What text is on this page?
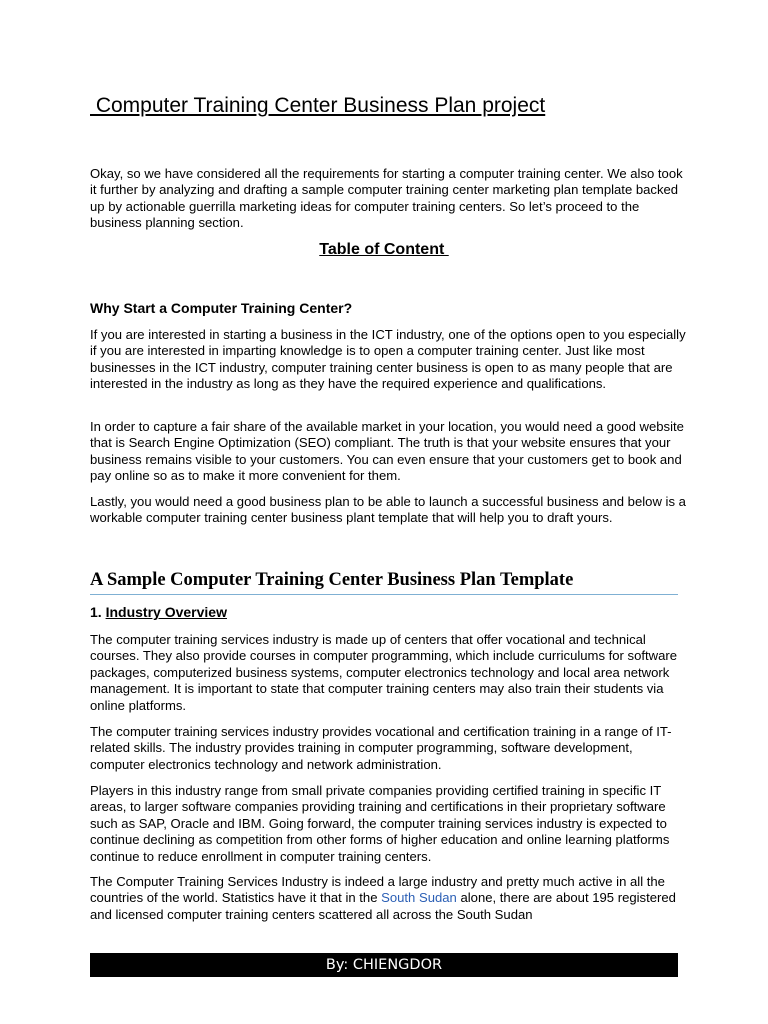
Computer Training Center Business Plan project

Okay, so we have considered all the requirements for starting a computer training center. We also took it further by analyzing and drafting a sample computer training center marketing plan template backed up by actionable guerrilla marketing ideas for computer training centers. So let’s proceed to the business planning section.

Table of Content
Why Start a Computer Training Center?

If you are interested in starting a business in the ICT industry, one of the options open to you especially if you are interested in imparting knowledge is to open a computer training center. Just like most businesses in the ICT industry, computer training center business is open to as many people that are interested in the industry as long as they have the required experience and qualifications.

In order to capture a fair share of the available market in your location, you would need a good website that is Search Engine Optimization (SEO) compliant. The truth is that your website ensures that your business remains visible to your customers. You can even ensure that your customers get to book and pay online so as to make it more convenient for them.

Lastly, you would need a good business plan to be able to launch a successful business and below is a workable computer training center business plant template that will help you to draft yours.

A Sample Computer Training Center Business Plan Template
1. Industry Overview

The computer training services industry is made up of centers that offer vocational and technical courses. They also provide courses in computer programming, which include curriculums for software packages, computerized business systems, computer electronics technology and local area network management. It is important to state that computer training centers may also train their students via online platforms.

The computer training services industry provides vocational and certification training in a range of IT-related skills. The industry provides training in computer programming, software development, computer electronics technology and network administration.

Players in this industry range from small private companies providing certified training in specific IT areas, to larger software companies providing training and certifications in their proprietary software such as SAP, Oracle and IBM. Going forward, the computer training services industry is expected to continue declining as competition from other forms of higher education and online learning platforms continue to reduce enrollment in computer training centers.

The Computer Training Services Industry is indeed a large industry and pretty much active in all the countries of the world. Statistics have it that in the South Sudan alone, there are about 195 registered and licensed computer training centers scattered all across the South Sudan

By: CHIENGDOR
